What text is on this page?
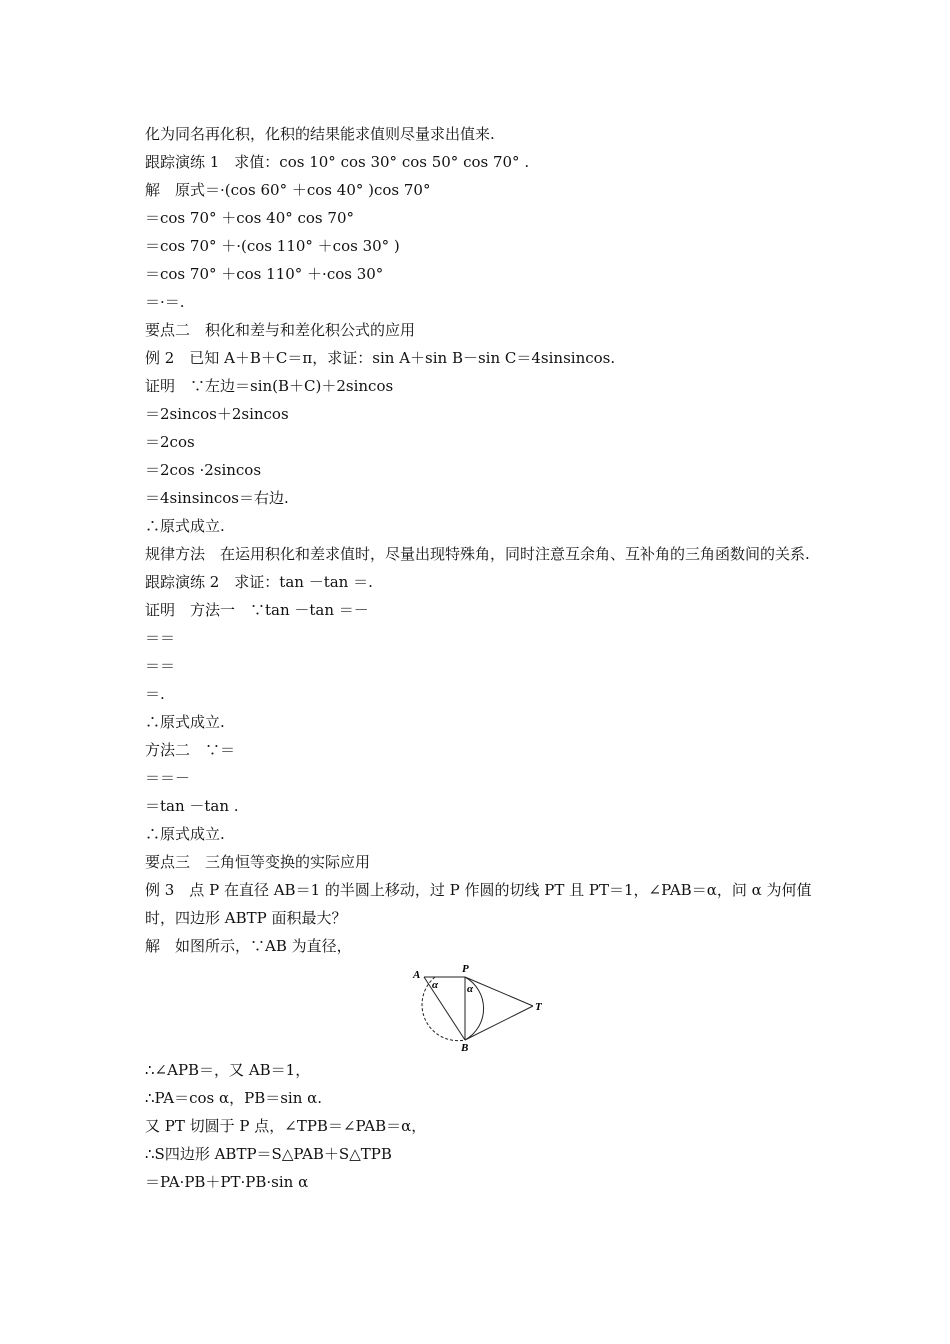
化为同名再化积，化积的结果能求值则尽量求出值来.
跟踪演练 1　求值：cos 10° cos 30° cos 50° cos 70° .
解　原式＝·(cos 60° ＋cos 40° )cos 70°
＝cos 70° ＋cos 40° cos 70°
＝cos 70° ＋·(cos 110° ＋cos 30° )
＝cos 70° ＋cos 110° ＋·cos 30°
＝·＝.
要点二　积化和差与和差化积公式的应用
例 2　已知 A＋B＋C＝π，求证：sin A＋sin B－sin C＝4sinsincos.
证明　∵左边＝sin(B＋C)＋2sincos
＝2sincos＋2sincos
＝2cos
＝2cos ·2sincos
＝4sinsincos＝右边.
∴原式成立.
规律方法　在运用积化和差求值时，尽量出现特殊角，同时注意互余角、互补角的三角函数间的关系.
跟踪演练 2　求证：tan －tan ＝.
证明　方法一　∵tan －tan ＝－
＝＝
＝＝
＝.
∴原式成立.
方法二　∵＝
＝＝－
＝tan －tan .
∴原式成立.
要点三　三角恒等变换的实际应用
例 3　点 P 在直径 AB＝1 的半圆上移动，过 P 作圆的切线 PT 且 PT＝1，∠PAB＝α，问 α 为何值时，四边形 ABTP 面积最大？
解　如图所示，∵AB 为直径，
A	P
B
T
α	α
∴∠APB＝，又 AB＝1，
∴PA＝cos α，PB＝sin α.
又 PT 切圆于 P 点，∠TPB＝∠PAB＝α，
∴S四边形 ABTP＝S△PAB＋S△TPB
＝PA·PB＋PT·PB·sin α
